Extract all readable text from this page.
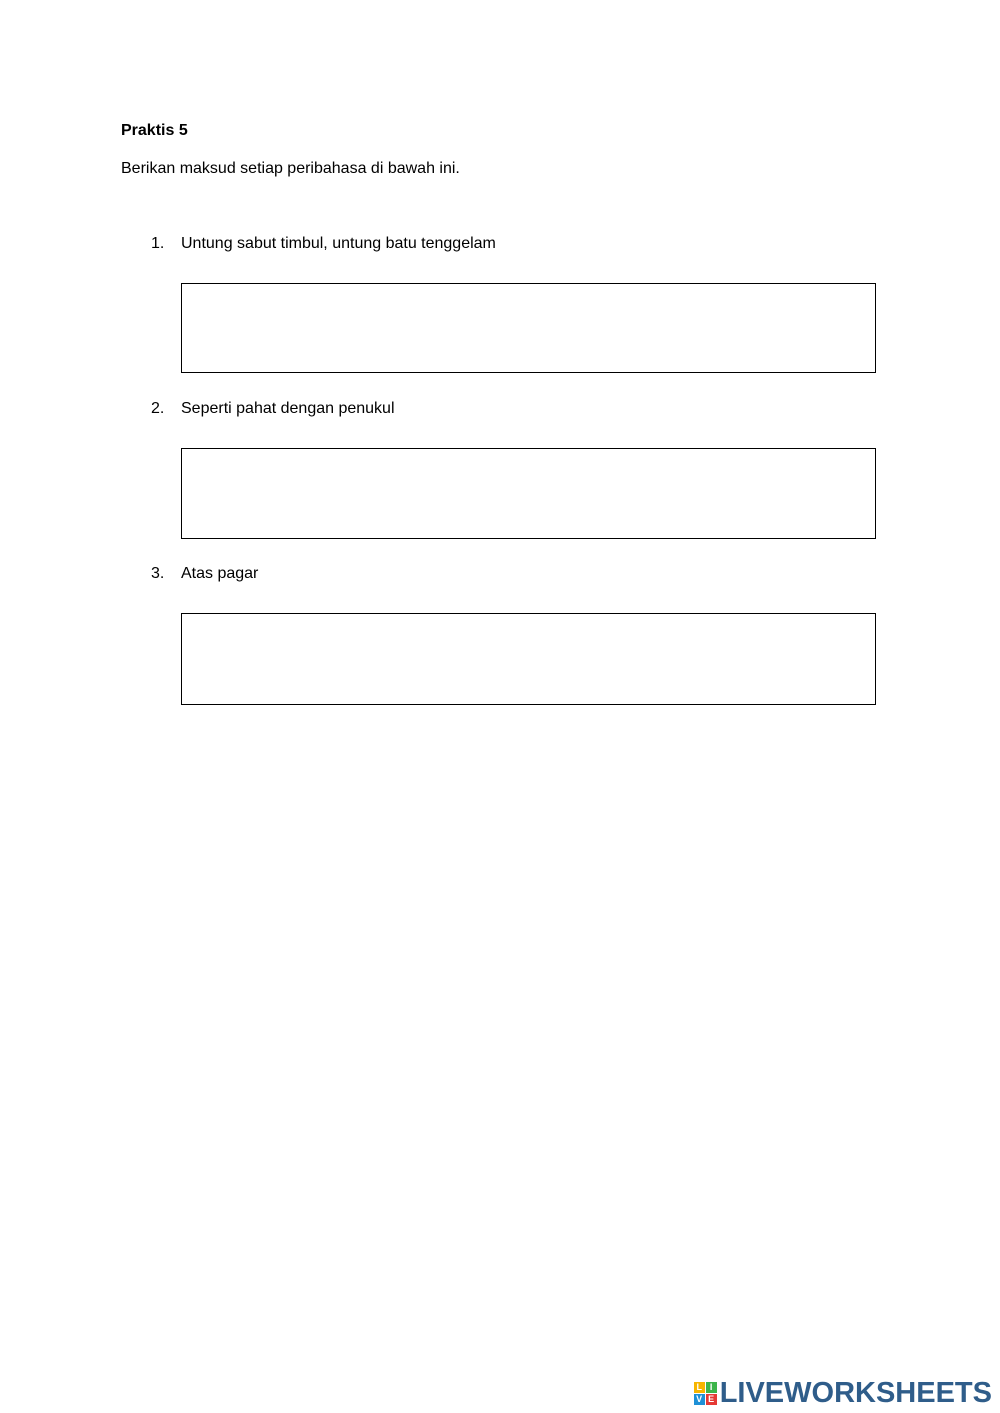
Praktis 5
Berikan maksud setiap peribahasa di bawah ini.
1. Untung sabut timbul, untung batu tenggelam
2. Seperti pahat dengan penukul
3. Atas pagar
L I
V E LIVEWORKSHEETS
